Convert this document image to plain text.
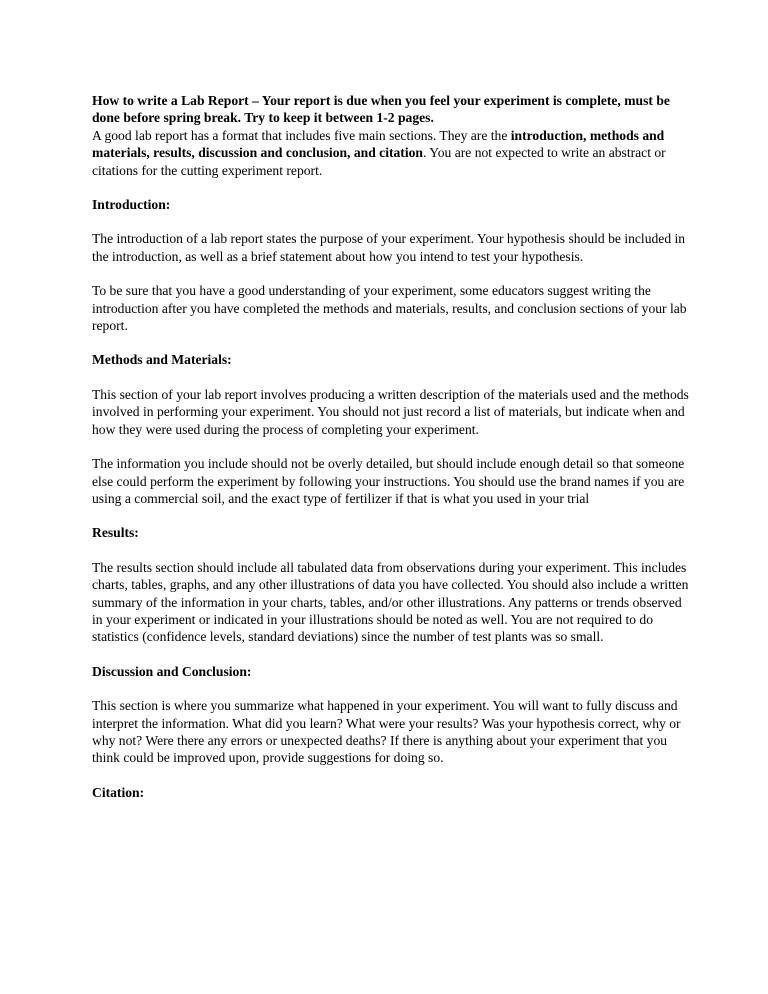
How to write a Lab Report – Your report is due when you feel your experiment is complete, must be done before spring break. Try to keep it between 1-2 pages.

A good lab report has a format that includes five main sections. They are the introduction, methods and materials, results, discussion and conclusion, and citation. You are not expected to write an abstract or citations for the cutting experiment report.

Introduction:

The introduction of a lab report states the purpose of your experiment. Your hypothesis should be included in the introduction, as well as a brief statement about how you intend to test your hypothesis.

To be sure that you have a good understanding of your experiment, some educators suggest writing the introduction after you have completed the methods and materials, results, and conclusion sections of your lab report.

Methods and Materials:

This section of your lab report involves producing a written description of the materials used and the methods involved in performing your experiment. You should not just record a list of materials, but indicate when and how they were used during the process of completing your experiment.

The information you include should not be overly detailed, but should include enough detail so that someone else could perform the experiment by following your instructions. You should use the brand names if you are using a commercial soil, and the exact type of fertilizer if that is what you used in your trial

Results:

The results section should include all tabulated data from observations during your experiment. This includes charts, tables, graphs, and any other illustrations of data you have collected. You should also include a written summary of the information in your charts, tables, and/or other illustrations. Any patterns or trends observed in your experiment or indicated in your illustrations should be noted as well. You are not required to do statistics (confidence levels, standard deviations) since the number of test plants was so small.

Discussion and Conclusion:

This section is where you summarize what happened in your experiment. You will want to fully discuss and interpret the information. What did you learn? What were your results? Was your hypothesis correct, why or why not? Were there any errors or unexpected deaths? If there is anything about your experiment that you think could be improved upon, provide suggestions for doing so.

Citation:
